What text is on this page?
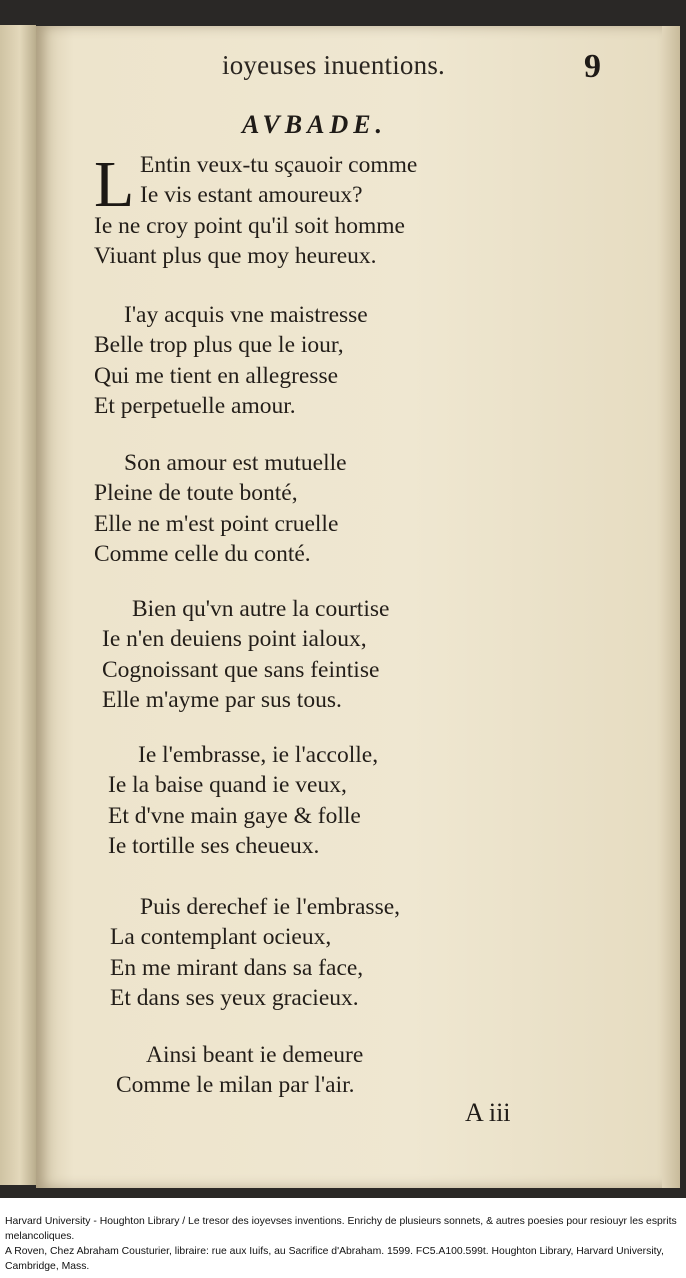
ioyeuses inuentions.	9
AVBADE.
L Entin veux-tu sçauoir comme
Ie vis estant amoureux?
Ie ne croy point qu'il soit homme
Viuant plus que moy heureux.
I'ay acquis vne maistresse
Belle trop plus que le iour,
Qui me tient en allegresse
Et perpetuelle amour.
Son amour est mutuelle
Pleine de toute bonté,
Elle ne m'est point cruelle
Comme celle du conté.
Bien qu'vn autre la courtise
Ie n'en deuiens point ialoux,
Cognoissant que sans feintise
Elle m'ayme par sus tous.
Ie l'embrasse, ie l'accolle,
Ie la baise quand ie veux,
Et d'vne main gaye & folle
Ie tortille ses cheueux.
Puis derechef ie l'embrasse,
La contemplant ocieux,
En me mirant dans sa face,
Et dans ses yeux gracieux.
Ainsi beant ie demeure
Comme le milan par l'air.
A iii
Harvard University - Houghton Library / Le tresor des ioyevses inventions. Enrichy de plusieurs sonnets, & autres poesies pour resiouyr les esprits melancoliques.
A Roven, Chez Abraham Cousturier, libraire: rue aux Iuifs, au Sacrifice d'Abraham. 1599. FC5.A100.599t. Houghton Library, Harvard University, Cambridge, Mass.
